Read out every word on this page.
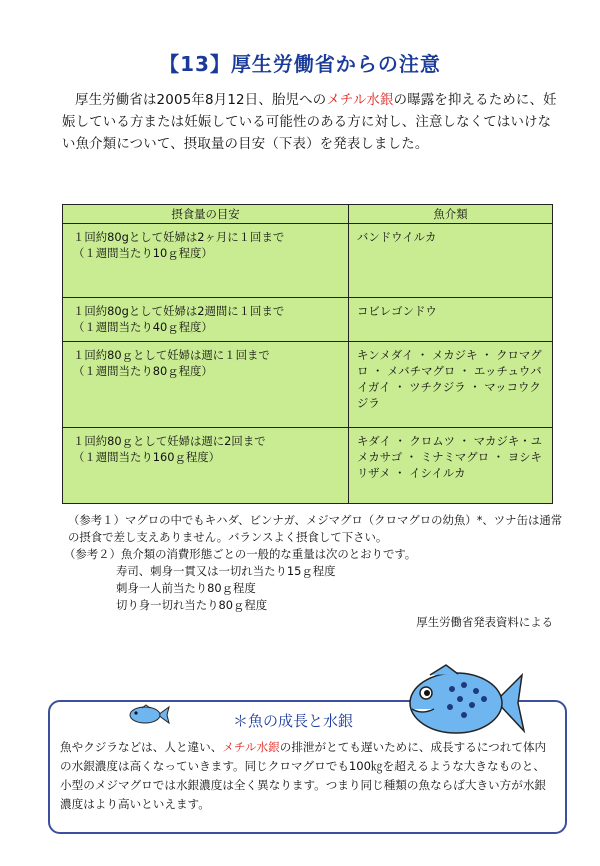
【13】厚生労働省からの注意

厚生労働省は2005年8月12日、胎児へのメチル水銀の曝露を抑えるために、妊娠している方または妊娠している可能性のある方に対し、注意しなくてはいけない魚介類について、摂取量の目安（下表）を発表しました。

摂食量の目安	魚介類

１回約80gとして妊婦は2ヶ月に１回まで
（１週間当たり10ｇ程度）	バンドウイルカ

１回約80gとして妊婦は2週間に１回まで
（１週間当たり40ｇ程度）	コビレゴンドウ

１回約80ｇとして妊婦は週に１回まで
（１週間当たり80ｇ程度）	キンメダイ ・ メカジキ ・ クロマグロ ・ メバチマグロ ・ エッチュウバイガイ ・ ツチクジラ ・ マッコウクジラ

１回約80ｇとして妊婦は週に2回まで
（１週間当たり160ｇ程度）	キダイ ・ クロムツ ・ マカジキ・ユメカサゴ ・ ミナミマグロ ・ ヨシキリザメ ・ イシイルカ
（参考１）マグロの中でもキハダ、ビンナガ、メジマグロ（クロマグロの幼魚）*、ツナ缶は通常の摂食で差し支えありません。バランスよく摂食して下さい。
（参考２）魚介類の消費形態ごとの一般的な重量は次のとおりです。
寿司、刺身一貫又は一切れ当たり15ｇ程度
刺身一人前当たり80ｇ程度
切り身一切れ当たり80ｇ程度
厚生労働省発表資料による
＊魚の成長と水銀

魚やクジラなどは、人と違い、メチル水銀の排泄がとても遅いために、成長するにつれて体内の水銀濃度は高くなっていきます。同じクロマグロでも100㎏を超えるような大きなものと、小型のメジマグロでは水銀濃度は全く異なります。つまり同じ種類の魚ならば大きい方が水銀濃度はより高いといえます。
